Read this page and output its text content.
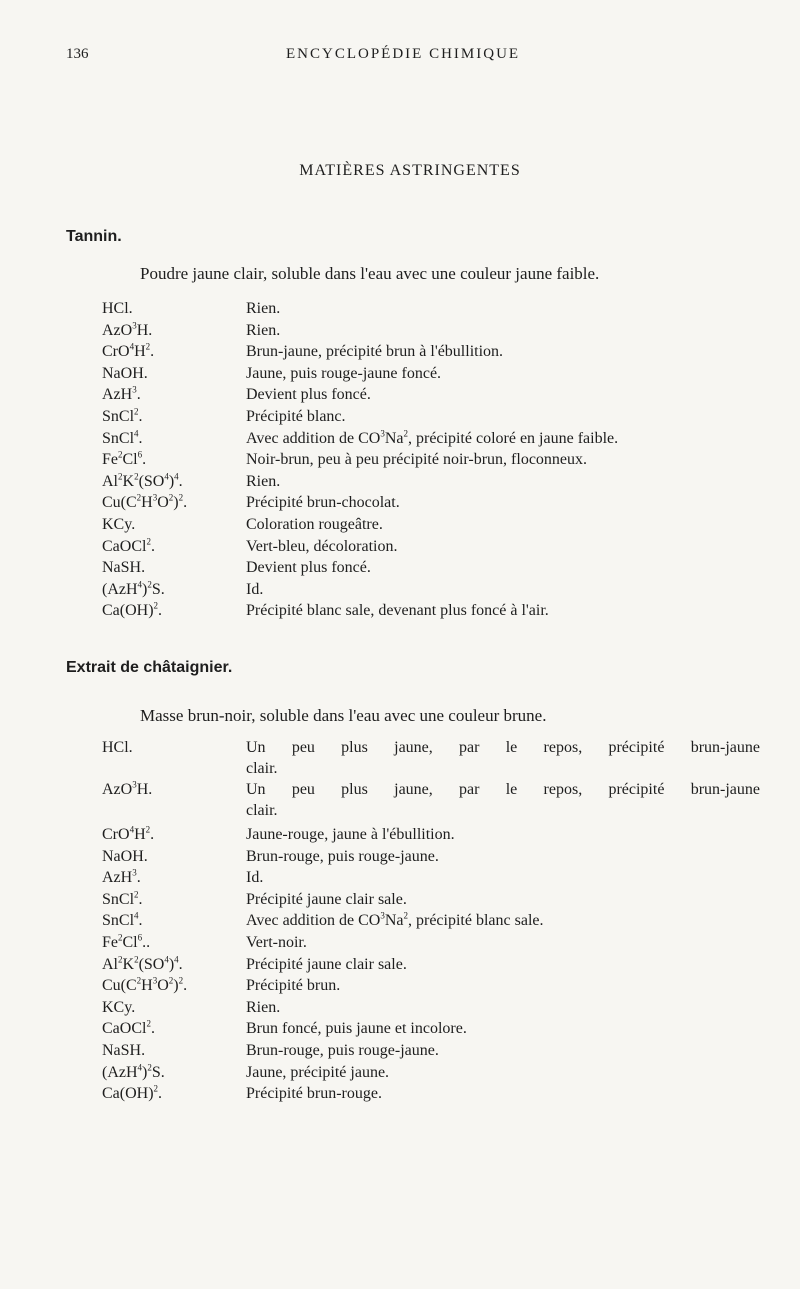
136	ENCYCLOPÉDIE CHIMIQUE
MATIÈRES ASTRINGENTES
Tannin.
Poudre jaune clair, soluble dans l'eau avec une couleur jaune faible.
HCl.	Rien.
AzO$^3$H.	Rien.
$CrO^4H^2$.	Brun-jaune, précipité brun à l'ébullition.
NaOH.	Jaune, puis rouge-jaune foncé.
AzH$^3$.	Devient plus foncé.
SnCl$^2$.	Précipité blanc.
SnCl$^4$.	Avec addition de $CO^3Na^2$, précipité coloré en jaune faible.
Fe$^2$Cl$^6$.	Noir-brun, peu à peu précipité noir-brun, floconneux.
$Al^2K^2(SO^4)^4$.	Rien.
$Cu(C^2H^3O^2)^2$.	Précipité brun-chocolat.
KCy.	Coloration rougeâtre.
CaOCl$^2$.	Vert-bleu, décoloration.
NaSH.	Devient plus foncé.
$(AzH^4)^2S$.	Id.
Ca(OH)$^2$.	Précipité blanc sale, devenant plus foncé à l'air.
Extrait de châtaignier.
Masse brun-noir, soluble dans l'eau avec une couleur brune.
HCl.	Un peu plus jaune, par le repos, précipité brun-jaune
clair.
AzO$^3$H.	Un peu plus jaune, par le repos, précipité brun-jaune
clair.
$CrO^4H^2$.	Jaune-rouge, jaune à l'ébullition.
NaOH.	Brun-rouge, puis rouge-jaune.
AzH$^3$.	Id.
SnCl$^2$.	Précipité jaune clair sale.
SnCl$^4$.	Avec addition de $CO^3Na^2$, précipité blanc sale.
Fe$^2$Cl$^6$..	Vert-noir.
$Al^2K^2(SO^4)^4$.	Précipité jaune clair sale.
$Cu(C^2H^3O^2)^2$.	Précipité brun.
KCy.	Rien.
CaOCl$^2$.	Brun foncé, puis jaune et incolore.
NaSH.	Brun-rouge, puis rouge-jaune.
$(AzH^4)^2S$.	Jaune, précipité jaune.
Ca(OH)$^2$.	Précipité brun-rouge.
